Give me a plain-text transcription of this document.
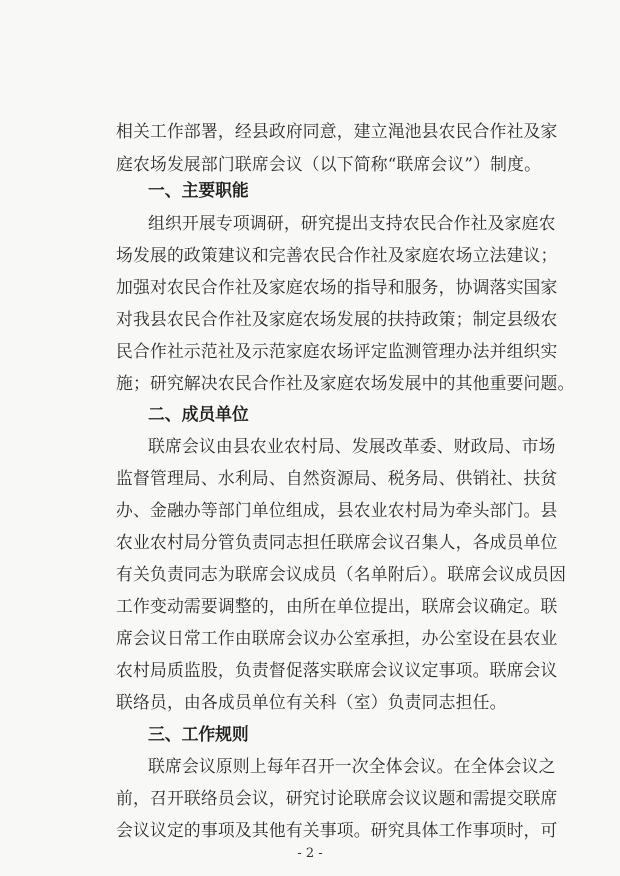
相关工作部署，经县政府同意，建立渑池县农民合作社及家
庭农场发展部门联席会议（以下简称“联席会议”）制度。
一、主要职能
组织开展专项调研，研究提出支持农民合作社及家庭农
场发展的政策建议和完善农民合作社及家庭农场立法建议；
加强对农民合作社及家庭农场的指导和服务，协调落实国家
对我县农民合作社及家庭农场发展的扶持政策；制定县级农
民合作社示范社及示范家庭农场评定监测管理办法并组织实
施；研究解决农民合作社及家庭农场发展中的其他重要问题。
二、成员单位
联席会议由县农业农村局、发展改革委、财政局、市场
监督管理局、水利局、自然资源局、税务局、供销社、扶贫
办、金融办等部门单位组成，县农业农村局为牵头部门。县
农业农村局分管负责同志担任联席会议召集人，各成员单位
有关负责同志为联席会议成员（名单附后）。联席会议成员因
工作变动需要调整的，由所在单位提出，联席会议确定。联
席会议日常工作由联席会议办公室承担，办公室设在县农业
农村局质监股，负责督促落实联席会议议定事项。联席会议
联络员，由各成员单位有关科（室）负责同志担任。
三、工作规则
联席会议原则上每年召开一次全体会议。在全体会议之
- 2 -
前，召开联络员会议，研究讨论联席会议议题和需提交联席
会议议定的事项及其他有关事项。研究具体工作事项时，可
